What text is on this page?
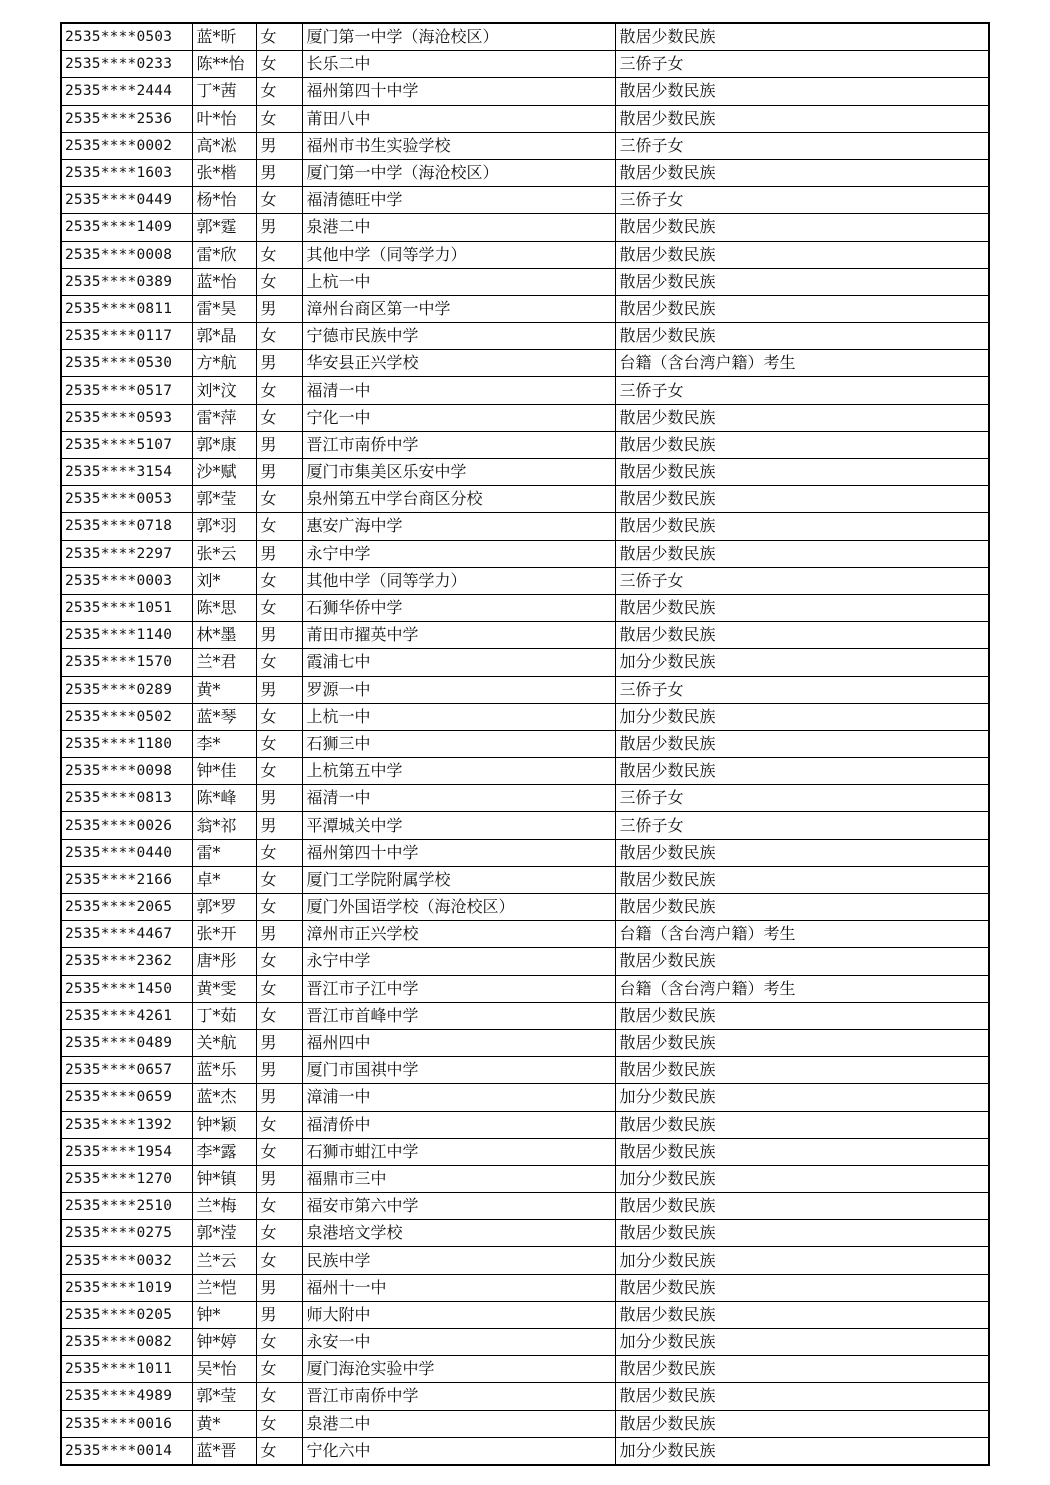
2535****0503	蓝*昕	女	厦门第一中学（海沧校区）	散居少数民族
2535****0233	陈**怡	女	长乐二中	三侨子女
2535****2444	丁*茜	女	福州第四十中学	散居少数民族
2535****2536	叶*怡	女	莆田八中	散居少数民族
2535****0002	高*凇	男	福州市书生实验学校	三侨子女
2535****1603	张*楷	男	厦门第一中学（海沧校区）	散居少数民族
2535****0449	杨*怡	女	福清德旺中学	三侨子女
2535****1409	郭*霆	男	泉港二中	散居少数民族
2535****0008	雷*欣	女	其他中学（同等学力）	散居少数民族
2535****0389	蓝*怡	女	上杭一中	散居少数民族
2535****0811	雷*昊	男	漳州台商区第一中学	散居少数民族
2535****0117	郭*晶	女	宁德市民族中学	散居少数民族
2535****0530	方*航	男	华安县正兴学校	台籍（含台湾户籍）考生
2535****0517	刘*汶	女	福清一中	三侨子女
2535****0593	雷*萍	女	宁化一中	散居少数民族
2535****5107	郭*康	男	晋江市南侨中学	散居少数民族
2535****3154	沙*赋	男	厦门市集美区乐安中学	散居少数民族
2535****0053	郭*莹	女	泉州第五中学台商区分校	散居少数民族
2535****0718	郭*羽	女	惠安广海中学	散居少数民族
2535****2297	张*云	男	永宁中学	散居少数民族
2535****0003	刘*	女	其他中学（同等学力）	三侨子女
2535****1051	陈*思	女	石狮华侨中学	散居少数民族
2535****1140	林*墨	男	莆田市擢英中学	散居少数民族
2535****1570	兰*君	女	霞浦七中	加分少数民族
2535****0289	黄*	男	罗源一中	三侨子女
2535****0502	蓝*琴	女	上杭一中	加分少数民族
2535****1180	李*	女	石狮三中	散居少数民族
2535****0098	钟*佳	女	上杭第五中学	散居少数民族
2535****0813	陈*峰	男	福清一中	三侨子女
2535****0026	翁*祁	男	平潭城关中学	三侨子女
2535****0440	雷*	女	福州第四十中学	散居少数民族
2535****2166	卓*	女	厦门工学院附属学校	散居少数民族
2535****2065	郭*罗	女	厦门外国语学校（海沧校区）	散居少数民族
2535****4467	张*开	男	漳州市正兴学校	台籍（含台湾户籍）考生
2535****2362	唐*彤	女	永宁中学	散居少数民族
2535****1450	黄*雯	女	晋江市子江中学	台籍（含台湾户籍）考生
2535****4261	丁*茹	女	晋江市首峰中学	散居少数民族
2535****0489	关*航	男	福州四中	散居少数民族
2535****0657	蓝*乐	男	厦门市国祺中学	散居少数民族
2535****0659	蓝*杰	男	漳浦一中	加分少数民族
2535****1392	钟*颖	女	福清侨中	散居少数民族
2535****1954	李*露	女	石狮市蚶江中学	散居少数民族
2535****1270	钟*镇	男	福鼎市三中	加分少数民族
2535****2510	兰*梅	女	福安市第六中学	散居少数民族
2535****0275	郭*滢	女	泉港培文学校	散居少数民族
2535****0032	兰*云	女	民族中学	加分少数民族
2535****1019	兰*恺	男	福州十一中	散居少数民族
2535****0205	钟*	男	师大附中	散居少数民族
2535****0082	钟*婷	女	永安一中	加分少数民族
2535****1011	吴*怡	女	厦门海沧实验中学	散居少数民族
2535****4989	郭*莹	女	晋江市南侨中学	散居少数民族
2535****0016	黄*	女	泉港二中	散居少数民族
2535****0014	蓝*晋	女	宁化六中	加分少数民族
